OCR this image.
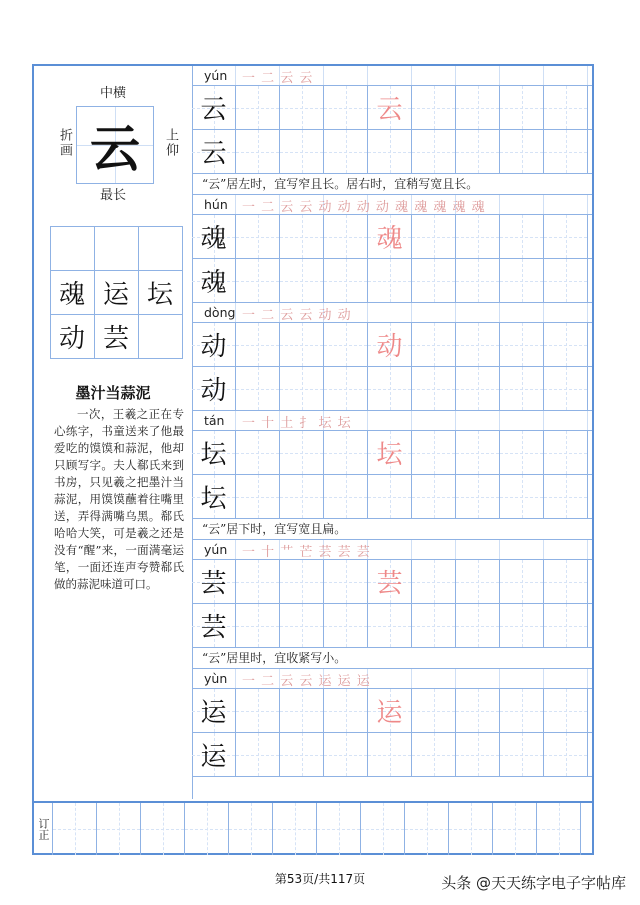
中横
云
折画	上仰
最长
魂 运 坛
动 芸
墨汁当蒜泥
一次，王羲之正在专心练字，书童送来了他最爱吃的馍馍和蒜泥，他却只顾写字。夫人郗氏来到书房，只见羲之把墨汁当蒜泥，用馍馍蘸着往嘴里送，弄得满嘴乌黑。郗氏哈哈大笑，可是羲之还是没有“醒”来，一面满毫运笔，一面还连声夸赞郗氏做的蒜泥味道可口。
yún 一 二 云 云
云	云
云
“云”居左时，宜写窄且长。居右时，宜稍写宽且长。
hún 一 二 云 云 动 动 动 动 魂 魂 魂 魂 魂
魂	魂
魂
dòng 一 二 云 云 动 动
动	动
动
tán 一 十 土 扌 坛 坛
坛	坛
坛
“云”居下时，宜写宽且扁。
yún 一 十 艹 芒 芸 芸 芸
芸	芸
芸
“云”居里时，宜收紧写小。
yùn 一 二 云 云 运 运 运
运	运
运
订正
第53页/共117页	头条 @天天练字电子字帖库
